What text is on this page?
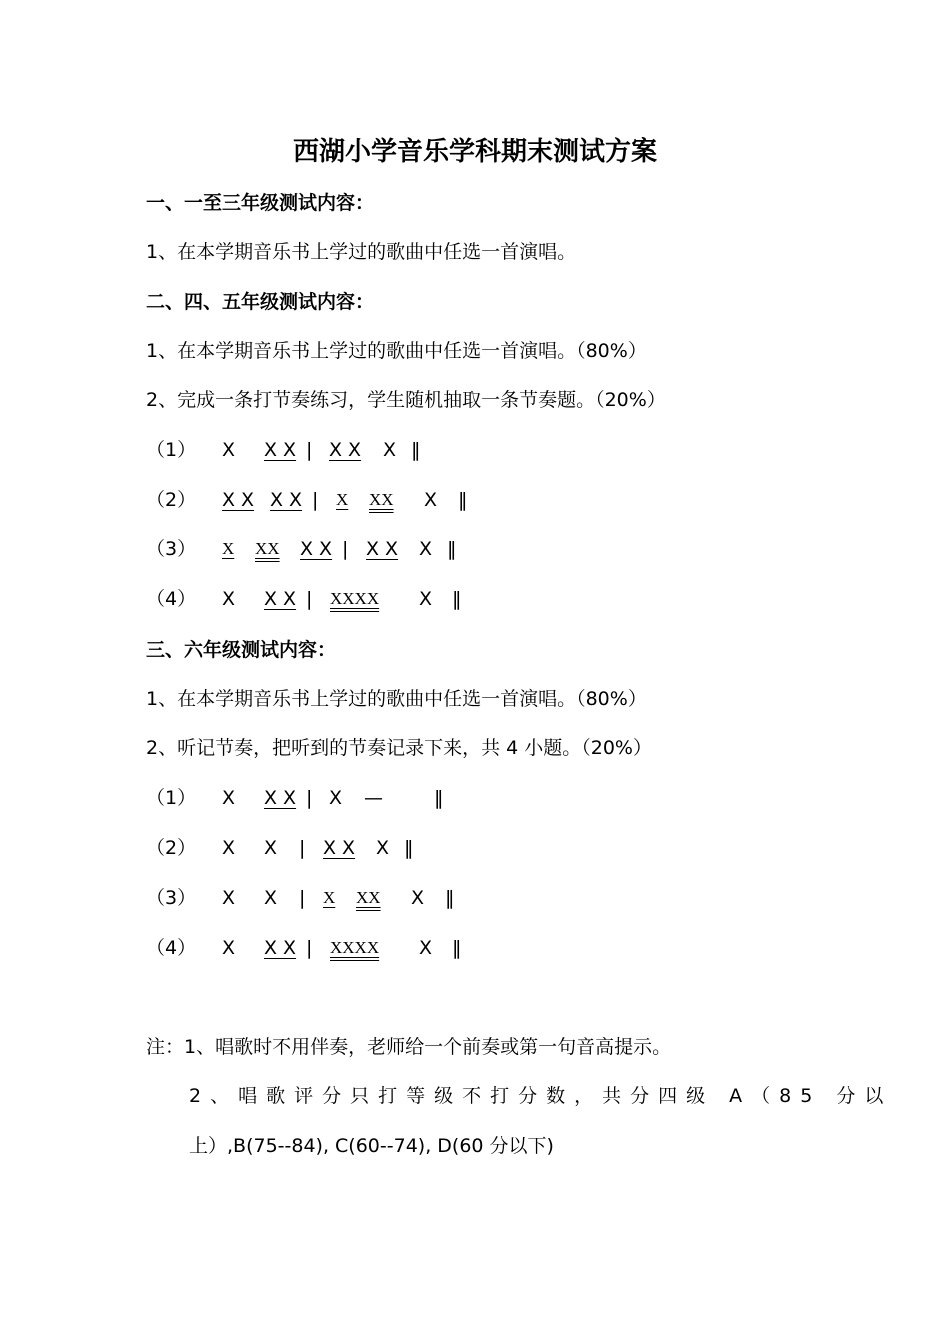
西湖小学音乐学科期末测试方案
一、一至三年级测试内容：
1、在本学期音乐书上学过的歌曲中任选一首演唱。
二、四、五年级测试内容：
1、在本学期音乐书上学过的歌曲中任选一首演唱。（80%）
2、完成一条打节奏练习，学生随机抽取一条节奏题。（20%）
（1） X X X | X X X ‖
（2） X X X X | X XX X ‖
（3） X XX X X | X X X ‖
（4） X X X | XXXX X ‖
三、六年级测试内容：
1、在本学期音乐书上学过的歌曲中任选一首演唱。（80%）
2、听记节奏，把听到的节奏记录下来，共 4 小题。（20%）
（1） X X X | X —	‖
（2） X X | X X X ‖
（3） X X | X XX X ‖
（4） X X X | XXXX X ‖
注：1、唱歌时不用伴奏，老师给一个前奏或第一句音高提示。
2、唱歌评分只打等级不打分数，共分四级 A（85 分以
上）,B(75--84), C(60--74), D(60 分以下)
